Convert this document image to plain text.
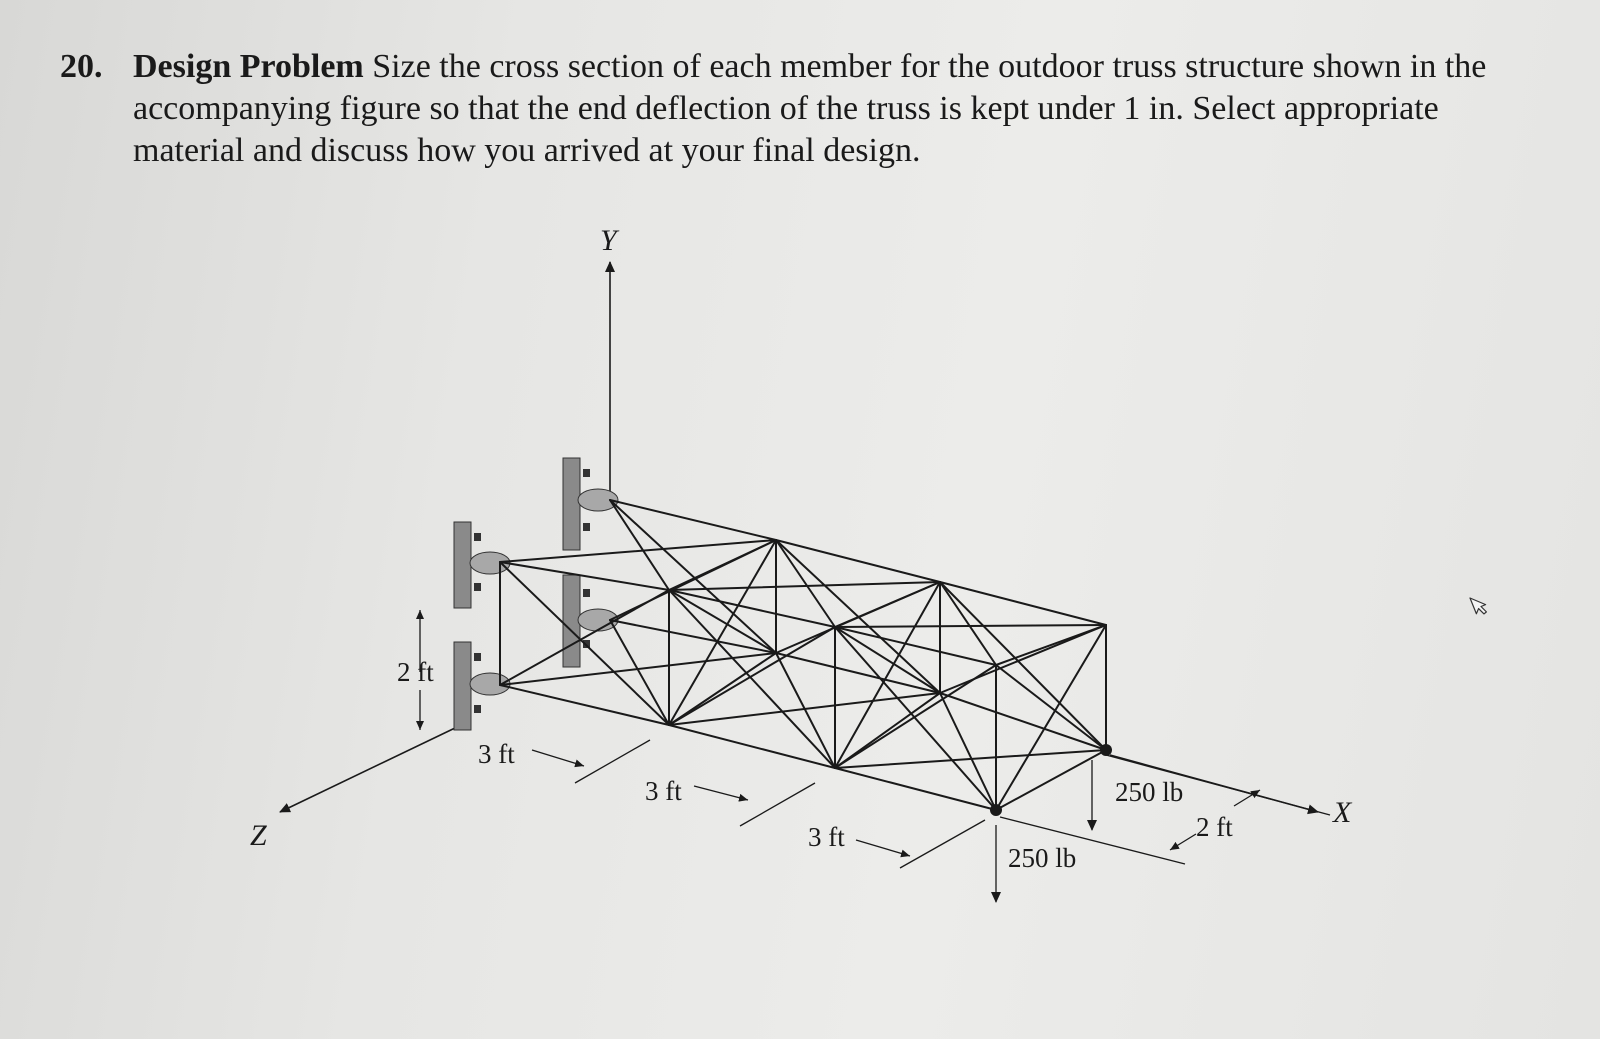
20. Design Problem Size the cross section of each member for the outdoor truss structure shown in the accompanying figure so that the end deflection of the truss is kept under 1 in. Select appropriate material and discuss how you arrived at your final design.
Y
Z
X
2 ft
3 ft
3 ft
3 ft	2 ft
250 lb
250 lb
